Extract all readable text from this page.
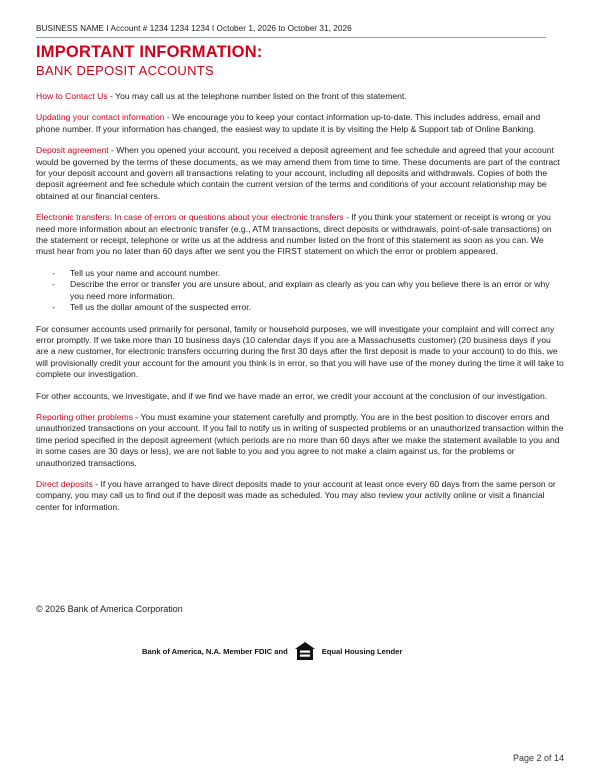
BUSINESS NAME I Account # 1234 1234 1234 I October 1, 2026 to October 31, 2026
IMPORTANT INFORMATION:
BANK DEPOSIT ACCOUNTS

How to Contact Us - You may call us at the telephone number listed on the front of this statement.

Updating your contact information - We encourage you to keep your contact information up-to-date. This includes address, email and phone number. If your information has changed, the easiest way to update it is by visiting the Help & Support tab of Online Banking.

Deposit agreement - When you opened your account, you received a deposit agreement and fee schedule and agreed that your account would be governed by the terms of these documents, as we may amend them from time to time. These documents are part of the contract for your deposit account and govern all transactions relating to your account, including all deposits and withdrawals. Copies of both the deposit agreement and fee schedule which contain the current version of the terms and conditions of your account relationship may be obtained at our financial centers.

Electronic transfers: In case of errors or questions about your electronic transfers - If you think your statement or receipt is wrong or you need more information about an electronic transfer (e.g., ATM transactions, direct deposits or withdrawals, point-of-sale transactions) on the statement or receipt, telephone or write us at the address and number listed on the front of this statement as soon as you can. We must hear from you no later than 60 days after we sent you the FIRST statement on which the error or problem appeared.

- Tell us your name and account number.
- Describe the error or transfer you are unsure about, and explain as clearly as you can why you believe there is an error or why you need more information.
- Tell us the dollar amount of the suspected error.

For consumer accounts used primarily for personal, family or household purposes, we will investigate your complaint and will correct any error promptly. If we take more than 10 business days (10 calendar days if you are a Massachusetts customer) (20 business days if you are a new customer, for electronic transfers occurring during the first 30 days after the first deposit is made to your account) to do this, we will provisionally credit your account for the amount you think is in error, so that you will have use of the money during the time it will take to complete our investigation.

For other accounts, we investigate, and if we find we have made an error, we credit your account at the conclusion of our investigation.

Reporting other problems - You must examine your statement carefully and promptly. You are in the best position to discover errors and unauthorized transactions on your account. If you fail to notify us in writing of suspected problems or an unauthorized transaction within the time period specified in the deposit agreement (which periods are no more than 60 days after we make the statement available to you and in some cases are 30 days or less), we are not liable to you and you agree to not make a claim against us, for the problems or unauthorized transactions.

Direct deposits - If you have arranged to have direct deposits made to your account at least once every 60 days from the same person or company, you may call us to find out if the deposit was made as scheduled. You may also review your activity online or visit a financial center for information.

© 2026 Bank of America Corporation
Bank of America, N.A. Member FDIC and	Equal Housing Lender
Page 2 of 14
